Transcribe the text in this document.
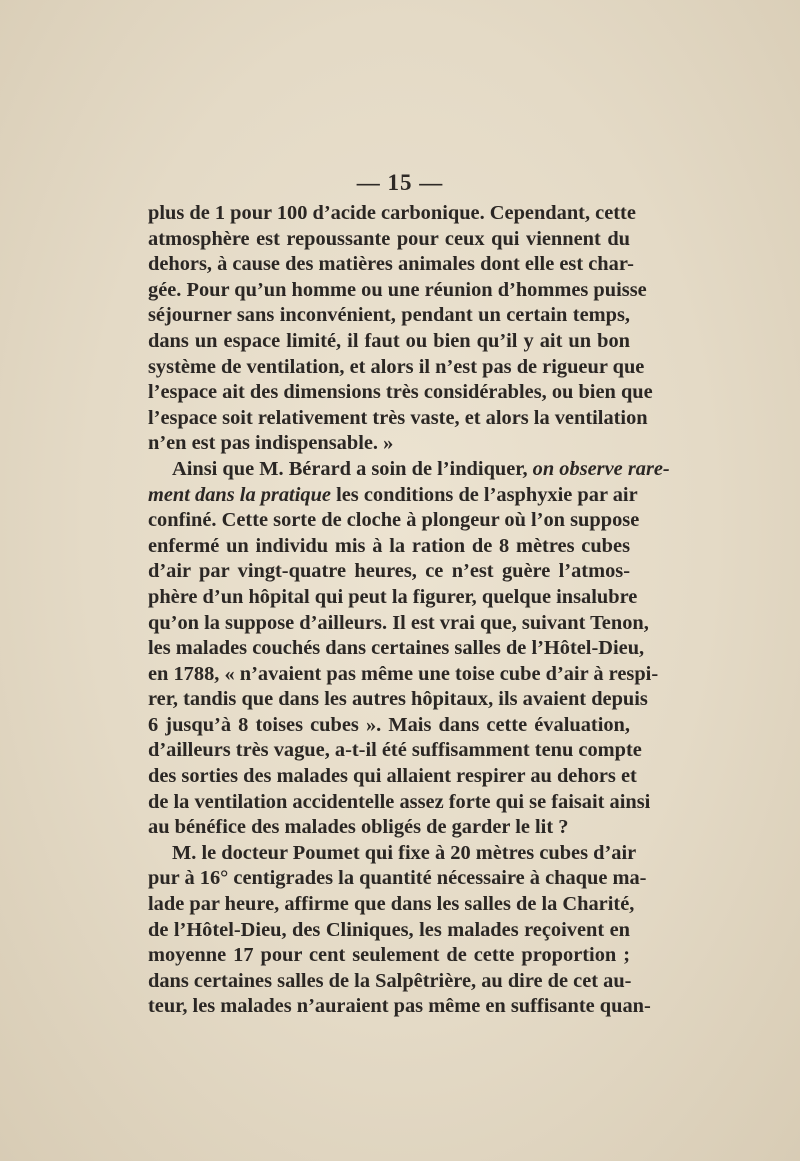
— 15 —
plus de 1 pour 100 d’acide carbonique. Cependant, cette
atmosphère est repoussante pour ceux qui viennent du
dehors, à cause des matières animales dont elle est char-
gée. Pour qu’un homme ou une réunion d’hommes puisse
séjourner sans inconvénient, pendant un certain temps,
dans un espace limité, il faut ou bien qu’il y ait un bon
système de ventilation, et alors il n’est pas de rigueur que
l’espace ait des dimensions très considérables, ou bien que
l’espace soit relativement très vaste, et alors la ventilation
n’en est pas indispensable. »
Ainsi que M. Bérard a soin de l’indiquer, on observe rare-
ment dans la pratique les conditions de l’asphyxie par air
confiné. Cette sorte de cloche à plongeur où l’on suppose
enfermé un individu mis à la ration de 8 mètres cubes
d’air par vingt-quatre heures, ce n’est guère l’atmos-
phère d’un hôpital qui peut la figurer, quelque insalubre
qu’on la suppose d’ailleurs. Il est vrai que, suivant Tenon,
les malades couchés dans certaines salles de l’Hôtel-Dieu,
en 1788, « n’avaient pas même une toise cube d’air à respi-
rer, tandis que dans les autres hôpitaux, ils avaient depuis
6 jusqu’à 8 toises cubes ». Mais dans cette évaluation,
d’ailleurs très vague, a-t-il été suffisamment tenu compte
des sorties des malades qui allaient respirer au dehors et
de la ventilation accidentelle assez forte qui se faisait ainsi
au bénéfice des malades obligés de garder le lit ?
M. le docteur Poumet qui fixe à 20 mètres cubes d’air
pur à 16° centigrades la quantité nécessaire à chaque ma-
lade par heure, affirme que dans les salles de la Charité,
de l’Hôtel-Dieu, des Cliniques, les malades reçoivent en
moyenne 17 pour cent seulement de cette proportion ;
dans certaines salles de la Salpêtrière, au dire de cet au-
teur, les malades n’auraient pas même en suffisante quan-
